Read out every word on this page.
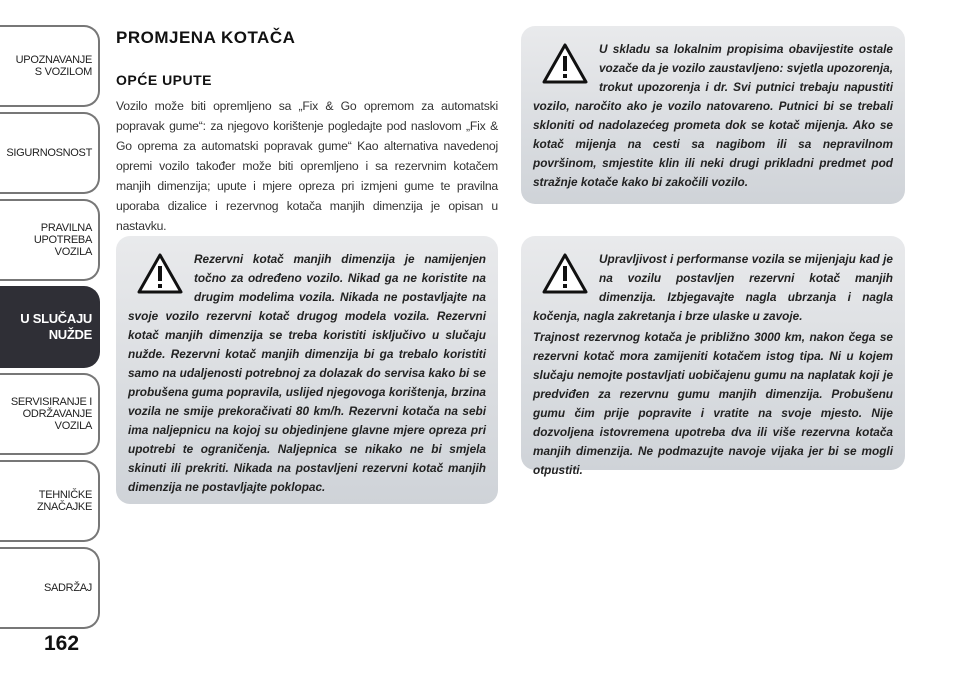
UPOZNAVANJE
S VOZILOM
SIGURNOSNOST
PRAVILNA
UPOTREBA
VOZILA
U SLUČAJU
NUŽDE
SERVISIRANJE I
ODRŽAVANJE
VOZILA
TEHNIČKE
ZNAČAJKE
SADRŽAJ
162
PROMJENA KOTAČA
OPĆE UPUTE

Vozilo može biti opremljeno sa „Fix & Go opremom za automatski popravak gume“: za njegovo korištenje pogledajte pod naslovom „Fix & Go oprema za automatski popravak gume“ Kao alternativa navedenoj opremi vozilo također može biti opremljeno i sa rezervnim kotačem manjih dimenzija; upute i mjere opreza pri izmjeni gume te pravilna uporaba dizalice i rezervnog kotača manjih dimenzija je opisan u nastavku.

Rezervni kotač manjih dimenzija je namijenjen točno za određeno vozilo. Nikad ga ne koristite na drugim modelima vozila. Nikada ne postavljajte na svoje vozilo rezervni kotač drugog modela vozila. Rezervni kotač manjih dimenzija se treba koristiti isključivo u slučaju nužde. Rezervni kotač manjih dimenzija bi ga trebalo koristiti samo na udaljenosti potrebnoj za dolazak do servisa kako bi se probušena guma popravila, uslijed njegovoga korištenja, brzina vozila ne smije prekoračivati 80 km/h. Rezervni kotača na sebi ima naljepnicu na kojoj su objedinjene glavne mjere opreza pri upotrebi te ograničenja. Naljepnica se nikako ne bi smjela skinuti ili prekriti. Nikada na postavljeni rezervni kotač manjih dimenzija ne postavljajte poklopac.

U skladu sa lokalnim propisima obavijestite ostale vozače da je vozilo zaustavljeno: svjetla upozorenja, trokut upozorenja i dr. Svi putnici trebaju napustiti vozilo, naročito ako je vozilo natovareno. Putnici bi se trebali skloniti od nadolazećeg prometa dok se kotač mijenja. Ako se kotač mijenja na cesti sa nagibom ili sa nepravilnom površinom, smjestite klin ili neki drugi prikladni predmet pod stražnje kotače kako bi zakočili vozilo.

Upravljivost i performanse vozila se mijenjaju kad je na vozilu postavljen rezervni kotač manjih dimenzija. Izbjegavajte nagla ubrzanja i nagla kočenja, nagla zakretanja i brze ulaske u zavoje.

Trajnost rezervnog kotača je približno 3000 km, nakon čega se rezervni kotač mora zamijeniti kotačem istog tipa. Ni u kojem slučaju nemojte postavljati uobičajenu gumu na naplatak koji je predviđen za rezervnu gumu manjih dimenzija. Probušenu gumu čim prije popravite i vratite na svoje mjesto. Nije dozvoljena istovremena upotreba dva ili više rezervna kotača manjih dimenzija. Ne podmazujte navoje vijaka jer bi se mogli otpustiti.
